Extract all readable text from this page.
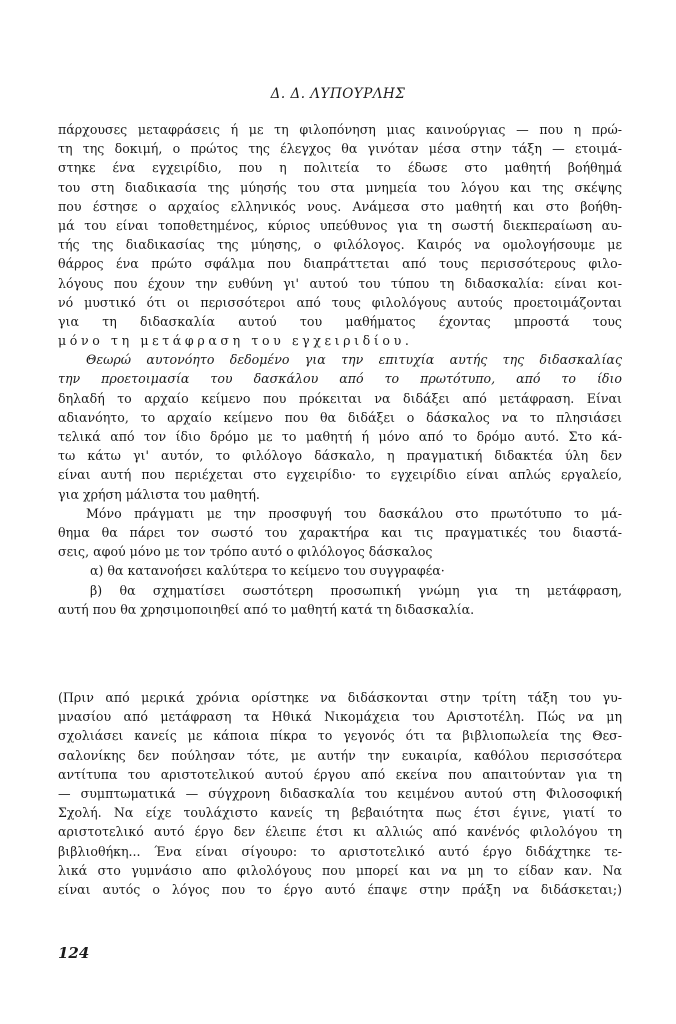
Δ. Δ. ΛΥΠΟΥΡΛΗΣ
πάρχουσες μεταφράσεις ή με τη φιλοπόνηση μιας καινούργιας — που η πρώ-
τη της δοκιμή, ο πρώτος της έλεγχος θα γινόταν μέσα στην τάξη — ετοιμά-
στηκε ένα εγχειρίδιο, που η πολιτεία το έδωσε στο μαθητή βοήθημά
του στη διαδικασία της μύησής του στα μνημεία του λόγου και της σκέψης
που έστησε ο αρχαίος ελληνικός νους. Ανάμεσα στο μαθητή και στο βοήθη-
μά του είναι τοποθετημένος, κύριος υπεύθυνος για τη σωστή διεκπεραίωση αυ-
τής της διαδικασίας της μύησης, ο φιλόλογος. Καιρός να ομολογήσουμε με
θάρρος ένα πρώτο σφάλμα που διαπράττεται από τους περισσότερους φιλο-
λόγους που έχουν την ευθύνη γι' αυτού του τύπου τη διδασκαλία: είναι κοι-
νό μυστικό ότι οι περισσότεροι από τους φιλολόγους αυτούς προετοιμάζονται
για τη διδασκαλία αυτού του μαθήματος έχοντας μπροστά τους
μόνο τη μετάφραση του εγχειριδίου.
Θεωρώ αυτονόητο δεδομένο για την επιτυχία αυτής της διδασκαλίας
την προετοιμασία του δασκάλου από το πρωτότυπο, από το ίδιο
δηλαδή το αρχαίο κείμενο που πρόκειται να διδάξει από μετάφραση. Είναι
αδιανόητο, το αρχαίο κείμενο που θα διδάξει ο δάσκαλος να το πλησιάσει
τελικά από τον ίδιο δρόμο με το μαθητή ή μόνο από το δρόμο αυτό. Στο κά-
τω κάτω γι' αυτόν, το φιλόλογο δάσκαλο, η πραγματική διδακτέα ύλη δεν
είναι αυτή που περιέχεται στο εγχειρίδιο· το εγχειρίδιο είναι απλώς εργαλείο,
για χρήση μάλιστα του μαθητή.
Μόνο πράγματι με την προσφυγή του δασκάλου στο πρωτότυπο το μά-
θημα θα πάρει τον σωστό του χαρακτήρα και τις πραγματικές του διαστά-
σεις, αφού μόνο με τον τρόπο αυτό ο φιλόλογος δάσκαλος
α) θα κατανοήσει καλύτερα το κείμενο του συγγραφέα·
β) θα σχηματίσει σωστότερη προσωπική γνώμη για τη μετάφραση,
αυτή που θα χρησιμοποιηθεί από το μαθητή κατά τη διδασκαλία.
(Πριν από μερικά χρόνια ορίστηκε να διδάσκονται στην τρίτη τάξη του γυ-
μνασίου από μετάφραση τα Ηθικά Νικομάχεια του Αριστοτέλη. Πώς να μη
σχολιάσει κανείς με κάποια πίκρα το γεγονός ότι τα βιβλιοπωλεία της Θεσ-
σαλονίκης δεν πούλησαν τότε, με αυτήν την ευκαιρία, καθόλου περισσότερα
αντίτυπα του αριστοτελικού αυτού έργου από εκείνα που απαιτούνταν για τη
— συμπτωματικά — σύγχρονη διδασκαλία του κειμένου αυτού στη Φιλοσοφική
Σχολή. Να είχε τουλάχιστο κανείς τη βεβαιότητα πως έτσι έγινε, γιατί το
αριστοτελικό αυτό έργο δεν έλειπε έτσι κι αλλιώς από κανένός φιλολόγου τη
βιβλιοθήκη... Ένα είναι σίγουρο: το αριστοτελικό αυτό έργο διδάχτηκε τε-
λικά στο γυμνάσιο απο φιλολόγους που μπορεί και να μη το είδαν καν. Να
είναι αυτός ο λόγος που το έργο αυτό έπαψε στην πράξη να διδάσκεται;)
124
